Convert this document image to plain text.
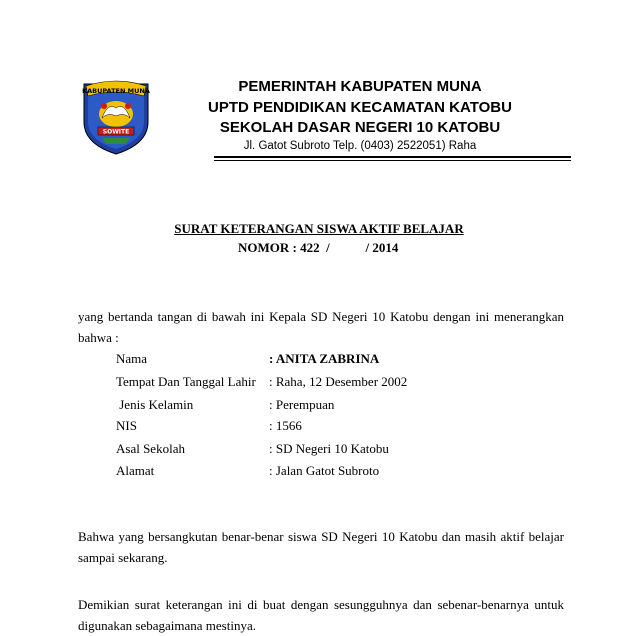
KABUPATEN MUNA
SOWITE
PEMERINTAH KABUPATEN MUNA
UPTD PENDIDIKAN KECAMATAN KATOBU
SEKOLAH DASAR NEGERI 10 KATOBU
Jl. Gatot Subroto Telp. (0403) 2522051) Raha
SURAT KETERANGAN SISWA AKTIF BELAJAR
NOMOR : 422  /           / 2014
yang bertanda tangan di bawah ini Kepala SD Negeri 10 Katobu dengan ini menerangkan bahwa :
Nama	: ANITA ZABRINA
Tempat Dan Tanggal Lahir : Raha, 12 Desember 2002
Jenis Kelamin	: Perempuan
NIS	: 1566
Asal Sekolah	: SD Negeri 10 Katobu
Alamat	: Jalan Gatot Subroto
Bahwa yang bersangkutan benar-benar siswa SD Negeri 10 Katobu dan masih aktif belajar sampai sekarang.
Demikian surat keterangan ini di buat dengan sesungguhnya dan sebenar-benarnya untuk digunakan sebagaimana mestinya.
